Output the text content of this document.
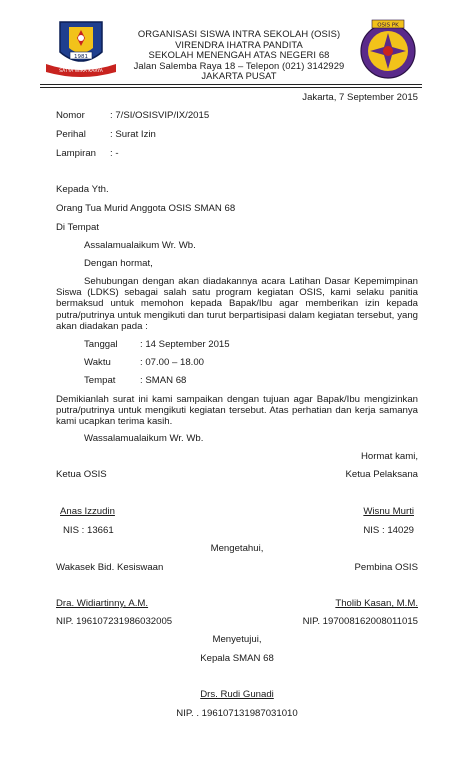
1981
SATYA WIRA KARYA
ORGANISASI SISWA INTRA SEKOLAH (OSIS)
VIRENDRA IHATRA PANDITA
SEKOLAH MENENGAH ATAS NEGERI 68
Jalan Salemba Raya 18 – Telepon (021) 3142929
JAKARTA PUSAT
OSIS PK
Jakarta, 7 September 2015
Nomor	: 7/SI/OSISVIP/IX/2015
Perihal	: Surat Izin
Lampiran : -
Kepada Yth.
Orang Tua Murid Anggota OSIS SMAN 68
Di Tempat
Assalamualaikum Wr. Wb.
Dengan hormat,
Sehubungan dengan akan diadakannya acara Latihan Dasar Kepemimpinan Siswa (LDKS) sebagai salah satu program kegiatan OSIS, kami selaku panitia bermaksud untuk memohon kepada Bapak/Ibu agar memberikan izin kepada putra/putrinya untuk mengikuti dan turut berpartisipasi dalam kegiatan tersebut, yang akan diadakan pada :
Tanggal	: 14 September 2015
Waktu	: 07.00 – 18.00
Tempat	: SMAN 68
Demikianlah surat ini kami sampaikan dengan tujuan agar Bapak/Ibu mengizinkan putra/putrinya untuk mengikuti kegiatan tersebut. Atas perhatian dan kerja samanya kami ucapkan terima kasih.
Wassalamualaikum Wr. Wb.
Hormat kami,
Ketua OSIS	Ketua Pelaksana
Anas Izzudin	Wisnu Murti
NIS : 13661	NIS : 14029
Mengetahui,
Wakasek Bid. Kesiswaan	Pembina OSIS
Dra. Widiartinny, A.M.	Tholib Kasan, M.M.
NIP. 196107231986032005	NIP. 197008162008011015
Menyetujui,
Kepala SMAN 68
Drs. Rudi Gunadi
NIP. . 196107131987031010
